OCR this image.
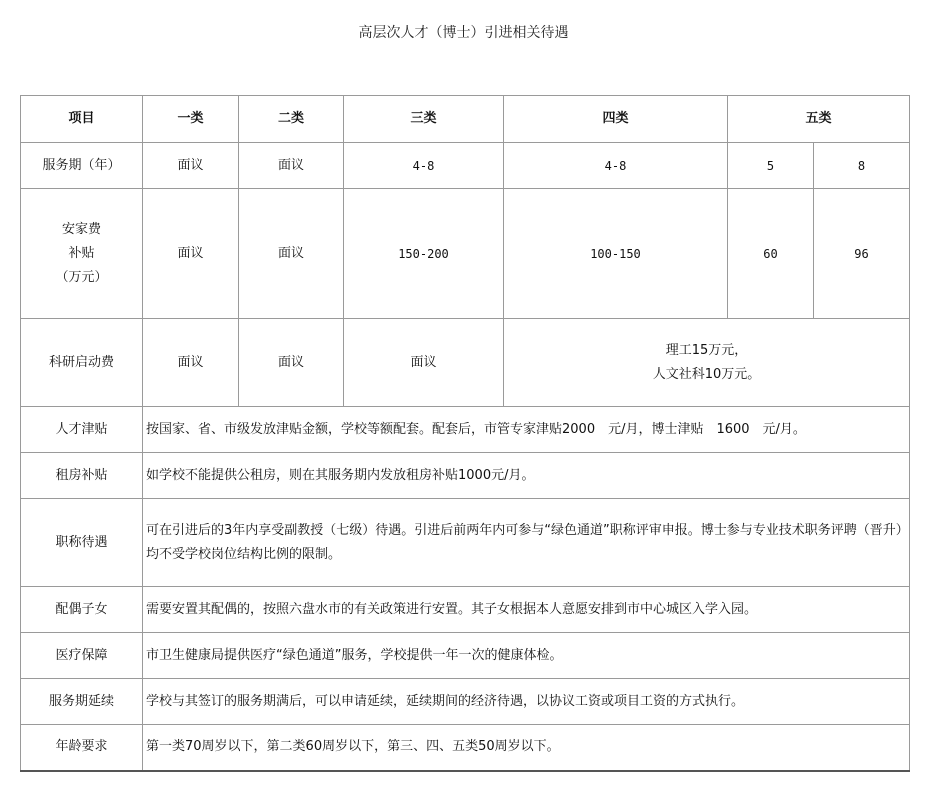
高层次人才（博士）引进相关待遇
项目	一类	二类	三类	四类	五类	
服务期（年）	面议	面议	4-8	4-8	5	8

安家费
补贴
（万元）	面议	面议	150-200	100-150	60	96
科研启动费	面议	面议	面议	理工15万元，
人文社科10万元。		

人才津贴	按国家、省、市级发放津贴金额，学校等额配套。配套后，市管专家津贴2000　元/月，博士津贴　1600　元/月。					
租房补贴	如学校不能提供公租房，则在其服务期内发放租房补贴1000元/月。					
职称待遇	可在引进后的3年内享受副教授（七级）待遇。引进后前两年内可参与“绿色通道”职称评审申报。博士参与专业技术职务评聘（晋升）均不受学校岗位结构比例的限制。					
配偶子女	需要安置其配偶的，按照六盘水市的有关政策进行安置。其子女根据本人意愿安排到市中心城区入学入园。					
医疗保障	市卫生健康局提供医疗“绿色通道”服务，学校提供一年一次的健康体检。					
服务期延续	学校与其签订的服务期满后，可以申请延续，延续期间的经济待遇，以协议工资或项目工资的方式执行。					
年龄要求	第一类70周岁以下，第二类60周岁以下，第三、四、五类50周岁以下。					
